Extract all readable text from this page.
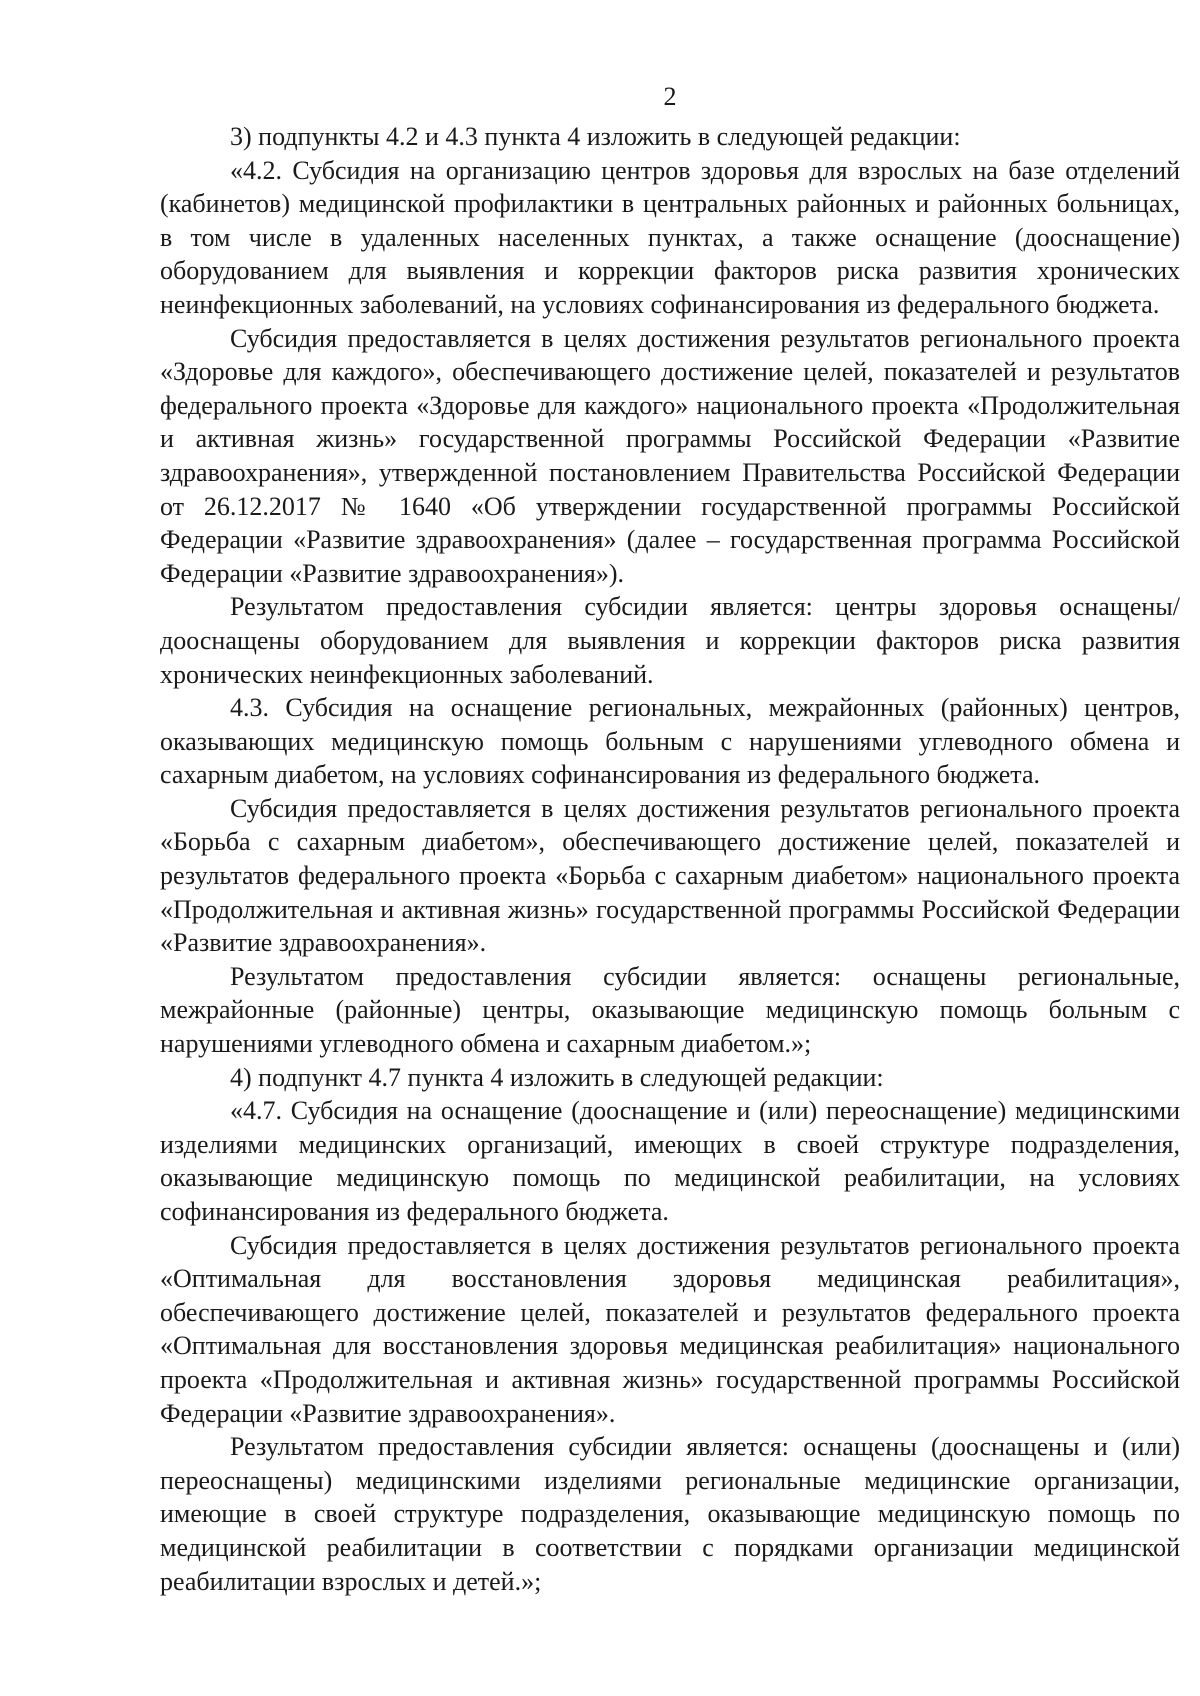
2

3) подпункты 4.2 и 4.3 пункта 4 изложить в следующей редакции:

«4.2. Субсидия на организацию центров здоровья для взрослых на базе отделений (кабинетов) медицинской профилактики в центральных районных и районных больницах, в том числе в удаленных населенных пунктах, а также оснащение (дооснащение) оборудованием для выявления и коррекции факторов риска развития хронических неинфекционных заболеваний, на условиях софинансирования из федерального бюджета.

Субсидия предоставляется в целях достижения результатов регионального проекта «Здоровье для каждого», обеспечивающего достижение целей, показателей и результатов федерального проекта «Здоровье для каждого» национального проекта «Продолжительная и активная жизнь» государственной программы Российской Федерации «Развитие здравоохранения», утвержденной постановлением Правительства Российской Федерации от 26.12.2017 № 1640 «Об утверждении государственной программы Российской Федерации «Развитие здравоохранения» (далее – государственная программа Российской Федерации «Развитие здравоохранения»).

Результатом предоставления субсидии является: центры здоровья оснащены/дооснащены оборудованием для выявления и коррекции факторов риска развития хронических неинфекционных заболеваний.

4.3. Субсидия на оснащение региональных, межрайонных (районных) центров, оказывающих медицинскую помощь больным с нарушениями углеводного обмена и сахарным диабетом, на условиях софинансирования из федерального бюджета.

Субсидия предоставляется в целях достижения результатов регионального проекта «Борьба с сахарным диабетом», обеспечивающего достижение целей, показателей и результатов федерального проекта «Борьба с сахарным диабетом» национального проекта «Продолжительная и активная жизнь» государственной программы Российской Федерации «Развитие здравоохранения».

Результатом предоставления субсидии является: оснащены региональные, межрайонные (районные) центры, оказывающие медицинскую помощь больным с нарушениями углеводного обмена и сахарным диабетом.»;

4) подпункт 4.7 пункта 4 изложить в следующей редакции:

«4.7. Субсидия на оснащение (дооснащение и (или) переоснащение) медицинскими изделиями медицинских организаций, имеющих в своей структуре подразделения, оказывающие медицинскую помощь по медицинской реабилитации, на условиях софинансирования из федерального бюджета.

Субсидия предоставляется в целях достижения результатов регионального проекта «Оптимальная для восстановления здоровья медицинская реабилитация», обеспечивающего достижение целей, показателей и результатов федерального проекта «Оптимальная для восстановления здоровья медицинская реабилитация» национального проекта «Продолжительная и активная жизнь» государственной программы Российской Федерации «Развитие здравоохранения».

Результатом предоставления субсидии является: оснащены (дооснащены и (или) переоснащены) медицинскими изделиями региональные медицинские организации, имеющие в своей структуре подразделения, оказывающие медицинскую помощь по медицинской реабилитации в соответствии с порядками организации медицинской реабилитации взрослых и детей.»;
